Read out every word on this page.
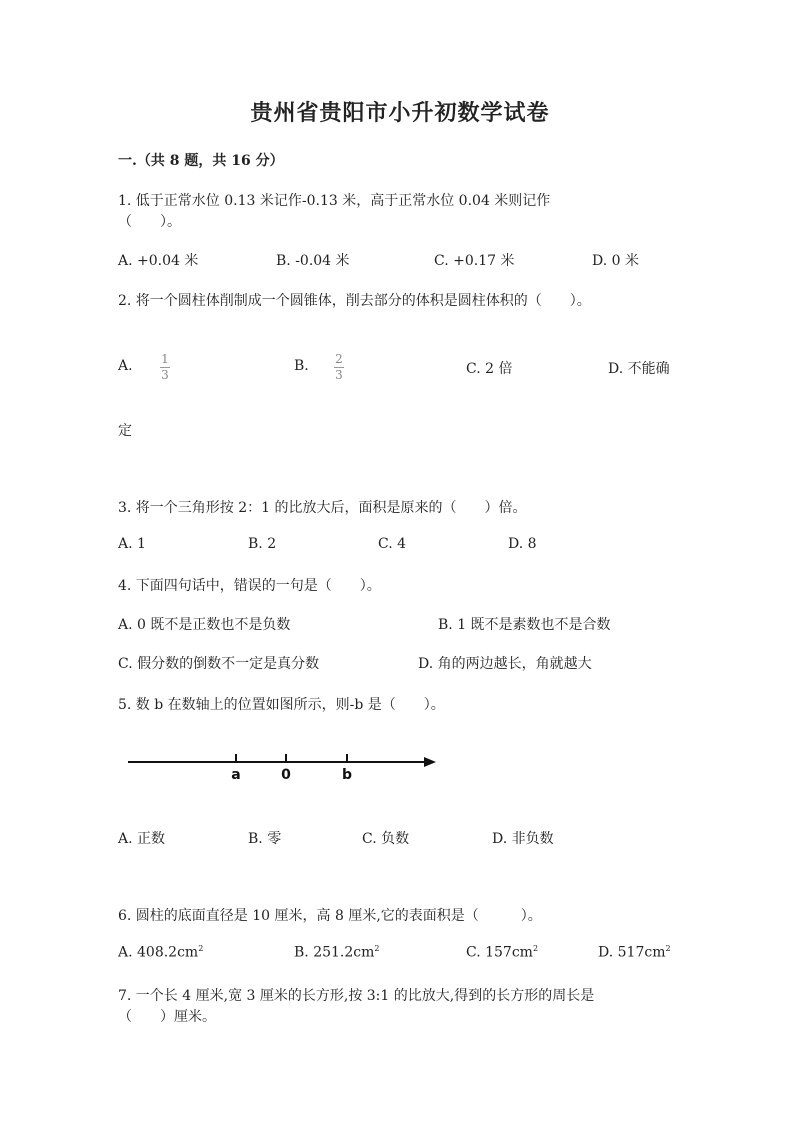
贵州省贵阳市小升初数学试卷
一.（共 8 题，共 16 分）
1. 低于正常水位 0.13 米记作-0.13 米，高于正常水位 0.04 米则记作
（　　）。
A. +0.04 米	B. -0.04 米	C. +0.17 米	D. 0 米
2. 将一个圆柱体削制成一个圆锥体，削去部分的体积是圆柱体积的（　　）。
A. $\frac{1}{3}$	B. $\frac{2}{3}$	C. 2 倍	D. 不能确
定
3. 将一个三角形按 2：1 的比放大后，面积是原来的（　　）倍。
A. 1	B. 2	C. 4	D. 8
4. 下面四句话中，错误的一句是（　　）。
A. 0 既不是正数也不是负数	B. 1 既不是素数也不是合数
C. 假分数的倒数不一定是真分数	D. 角的两边越长，角就越大
5. 数 b 在数轴上的位置如图所示，则-b 是（　　）。
a	0	b
A. 正数	B. 零	C. 负数	D. 非负数
6. 圆柱的底面直径是 10 厘米，高 8 厘米,它的表面积是（　　　）。
A. $408.2cm^2$	B. $251.2cm^2$	C. $157cm^2$	D. $517cm^2$
7. 一个长 4 厘米,宽 3 厘米的长方形,按 3:1 的比放大,得到的长方形的周长是
（　　）厘米。
